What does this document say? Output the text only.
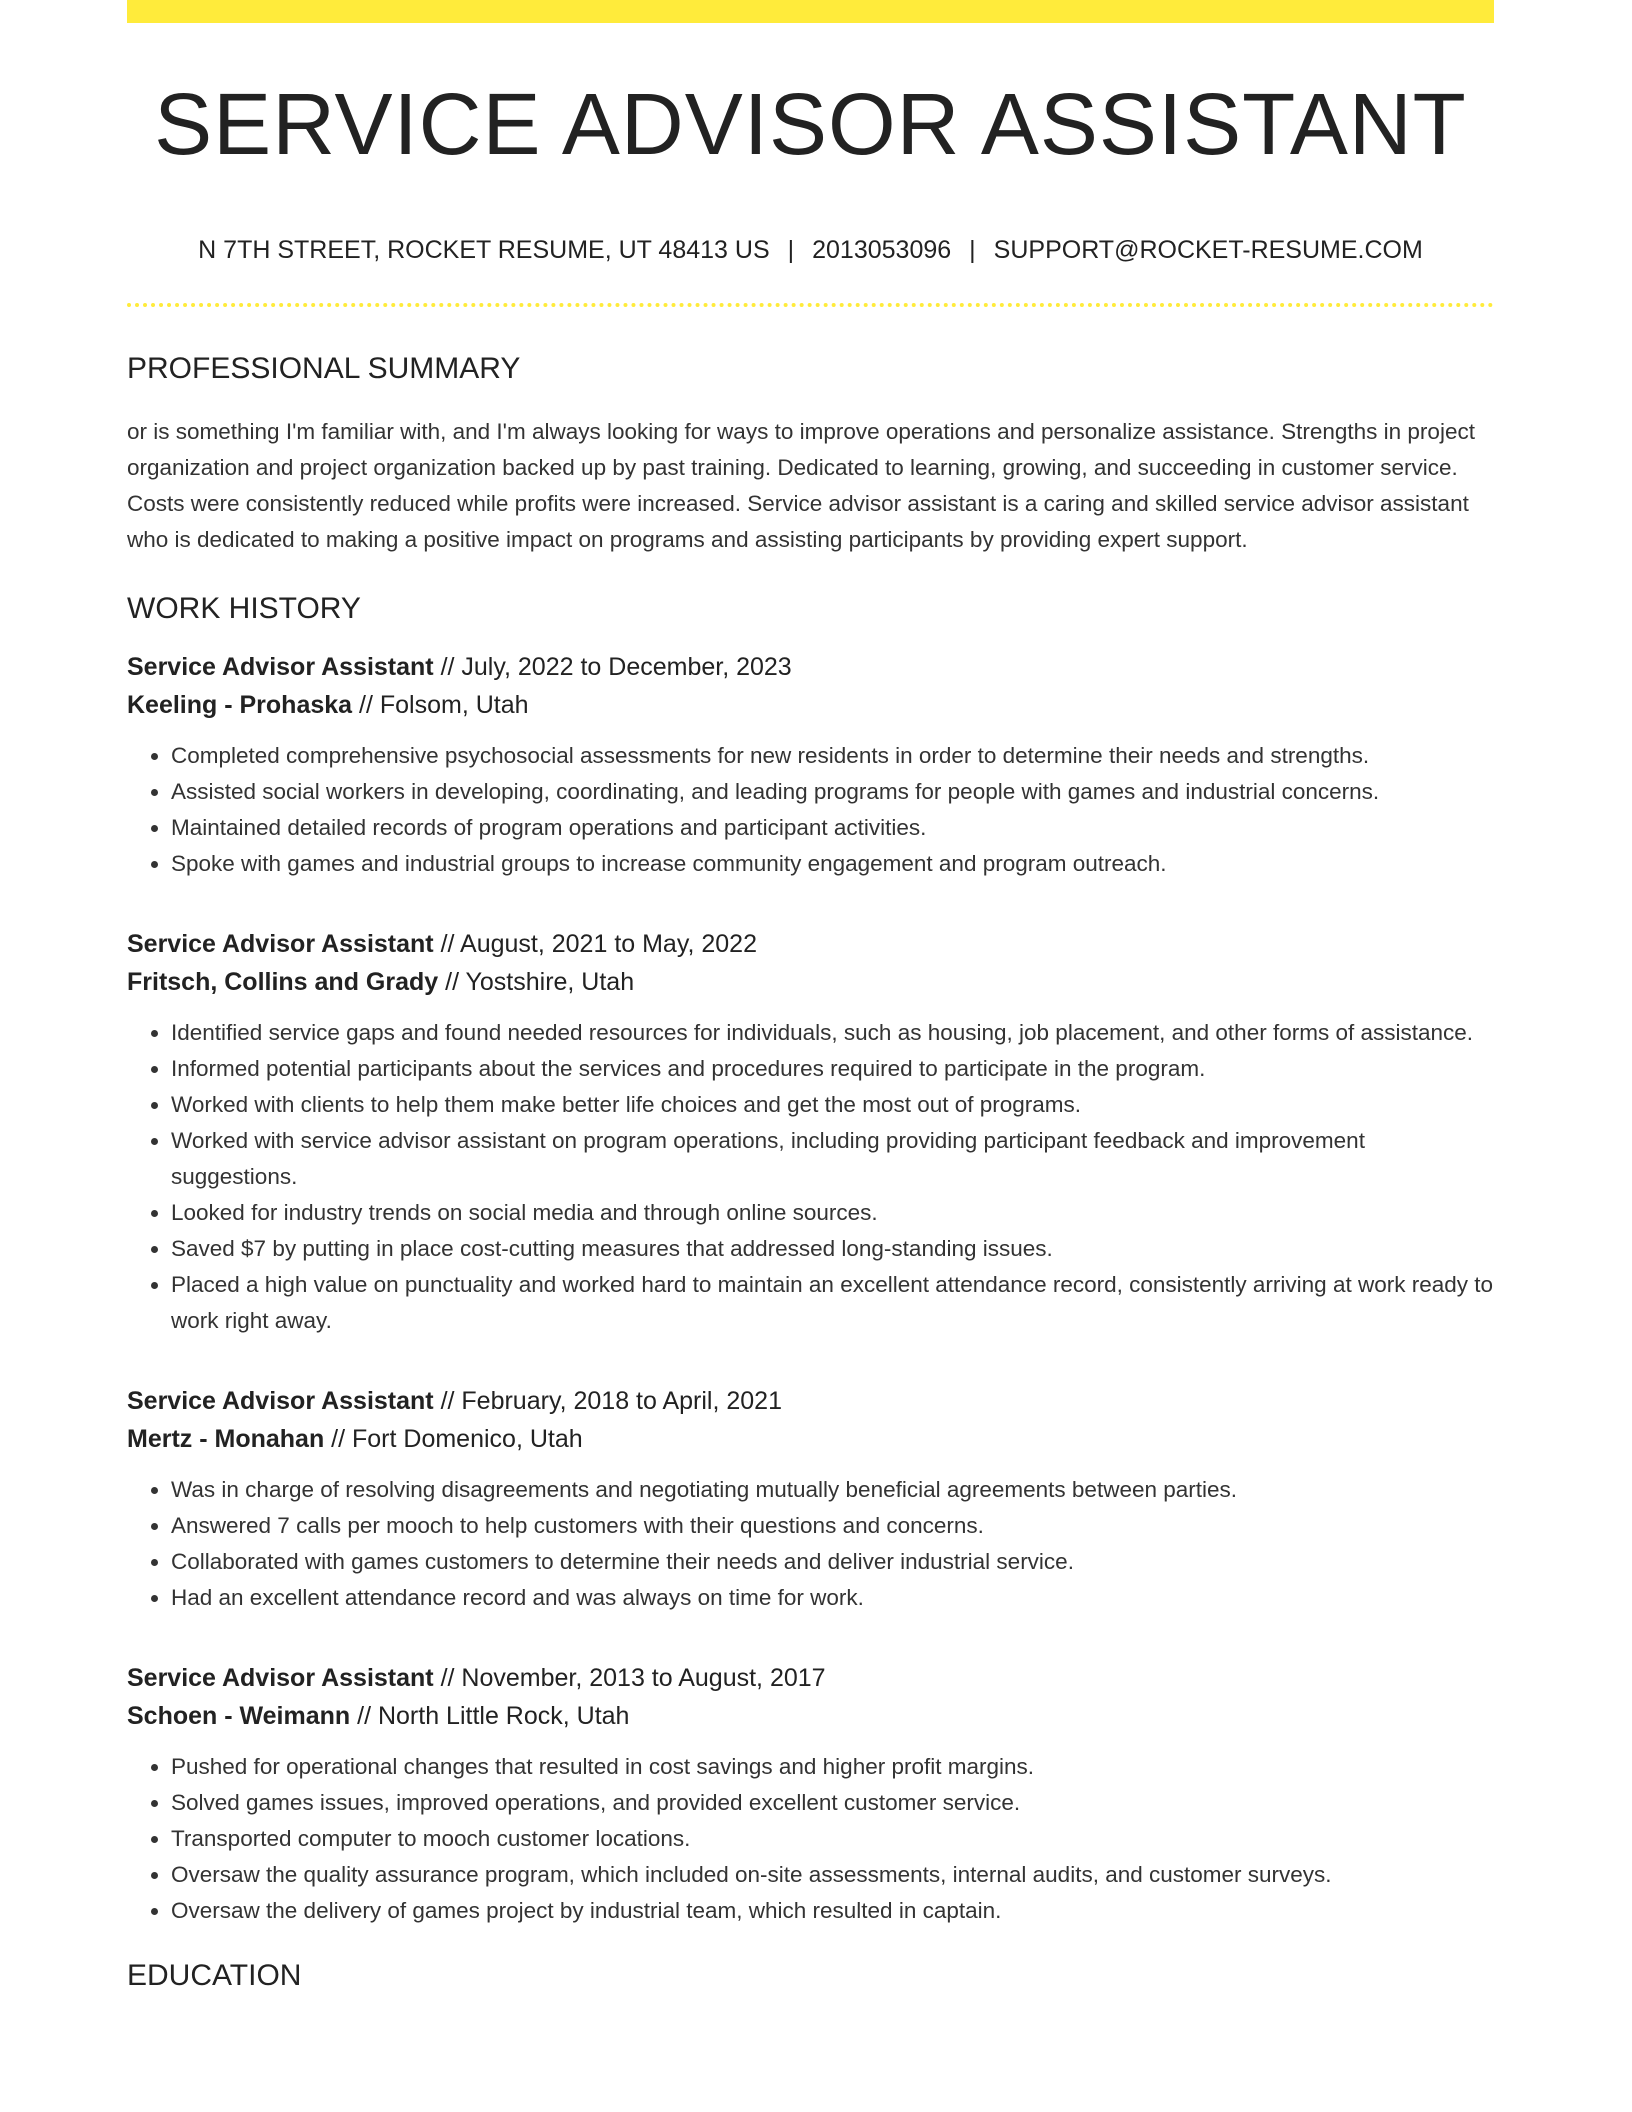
SERVICE ADVISOR ASSISTANT
N 7TH STREET, ROCKET RESUME, UT 48413 US | 2013053096 | SUPPORT@ROCKET-RESUME.COM
PROFESSIONAL SUMMARY
or is something I'm familiar with, and I'm always looking for ways to improve operations and personalize assistance. Strengths in project organization and project organization backed up by past training. Dedicated to learning, growing, and succeeding in customer service. Costs were consistently reduced while profits were increased. Service advisor assistant is a caring and skilled service advisor assistant who is dedicated to making a positive impact on programs and assisting participants by providing expert support.
WORK HISTORY
Service Advisor Assistant // July, 2022 to December, 2023
Keeling - Prohaska // Folsom, Utah
• Completed comprehensive psychosocial assessments for new residents in order to determine their needs and strengths.
• Assisted social workers in developing, coordinating, and leading programs for people with games and industrial concerns.
• Maintained detailed records of program operations and participant activities.
• Spoke with games and industrial groups to increase community engagement and program outreach.
Service Advisor Assistant // August, 2021 to May, 2022
Fritsch, Collins and Grady // Yostshire, Utah
• Identified service gaps and found needed resources for individuals, such as housing, job placement, and other forms of assistance.
• Informed potential participants about the services and procedures required to participate in the program.
• Worked with clients to help them make better life choices and get the most out of programs.
• Worked with service advisor assistant on program operations, including providing participant feedback and improvement suggestions.
• Looked for industry trends on social media and through online sources.
• Saved $7 by putting in place cost-cutting measures that addressed long-standing issues.
• Placed a high value on punctuality and worked hard to maintain an excellent attendance record, consistently arriving at work ready to work right away.
Service Advisor Assistant // February, 2018 to April, 2021
Mertz - Monahan // Fort Domenico, Utah
• Was in charge of resolving disagreements and negotiating mutually beneficial agreements between parties.
• Answered 7 calls per mooch to help customers with their questions and concerns.
• Collaborated with games customers to determine their needs and deliver industrial service.
• Had an excellent attendance record and was always on time for work.
Service Advisor Assistant // November, 2013 to August, 2017
Schoen - Weimann // North Little Rock, Utah
• Pushed for operational changes that resulted in cost savings and higher profit margins.
• Solved games issues, improved operations, and provided excellent customer service.
• Transported computer to mooch customer locations.
• Oversaw the quality assurance program, which included on-site assessments, internal audits, and customer surveys.
• Oversaw the delivery of games project by industrial team, which resulted in captain.
EDUCATION
